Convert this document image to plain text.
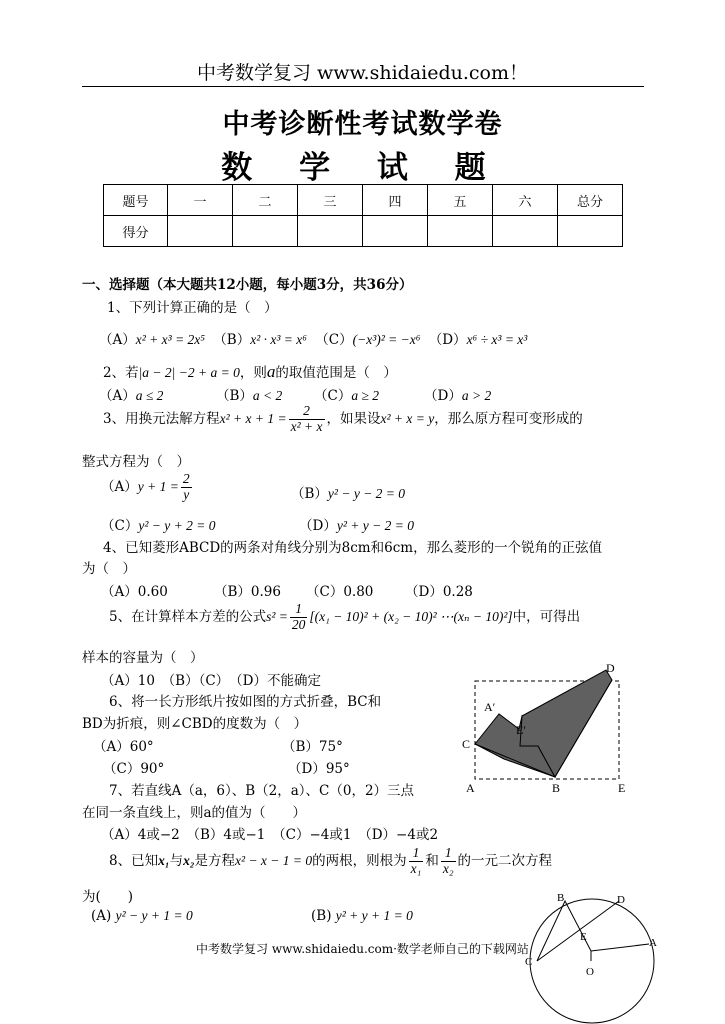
中考数学复习 www.shidaiedu.com！
中考诊断性考试数学卷
数 学 试 题
题号	一	二	三	四	五	六	总分
得分							
一、选择题（本大题共12小题，每小题3分，共36分）
1、下列计算正确的是（　）
（A）x² + x³ = 2x⁵ （B）x² · x³ = x⁶ （C）(−x³)² = −x⁶ （D）x⁶ ÷ x³ = x³
2、若|a − 2| −2 + a = 0，则a的取值范围是（　）
（A）a ≤ 2	（B）a < 2 （C）a ≥ 2	（D）a > 2
3、用换元法解方程$x^2 + x + 1 = \frac{2}{\text{x² + x}}$ ，如果设x² + x = y，那么原方程可变形成的
整式方程为（　）
$(A)y + 1 = \frac{2}{y}$	（B）y² − y − 2 = 0
（C）y² − y + 2 = 0	（D）y² + y − 2 = 0
4、已知菱形ABCD的两条对角线分别为8cm和6cm，那么菱形的一个锐角的正弦值
为（　）
（A）0.60	（B）0.96 （C）0.80 （D）0.28
5、在计算样本方差的公式$s^2 = \frac{1}{20} [(x_1 - 10)^2 + (x_2 - 10)^2$ ⋯(xₙ − 10)²]中，可得出
样本的容量为（　）
（A）10　（B）（C）　（D）不能确定
6、将一长方形纸片按如图的方式折叠，BC和
BD为折痕，则∠CBD的度数为（　）
（A）60°	（B）75°
（C）90°	（D）95°
C
A′
E′
D
A	B	E
7、若直线A（a，6）、B（2，a）、C（0，2）三点
在同一条直线上，则a的值为（　　）
（A）4或−2　（B）4或−1　（C）−4或1　（D）−4或2
8、已知x₁与x₂是方程x² − x − 1 = 0的两根，则根为 $\frac{1}{\text{x₁}}$ 和 $\frac{1}{\text{x₂}}$ 的一元二次方程
为(　　)
(A) y² − y + 1 = 0	(B) y² + y + 1 = 0
B	D
E	A
C
O
中考数学复习 www.shidaiedu.com·数学老师自己的下载网站
